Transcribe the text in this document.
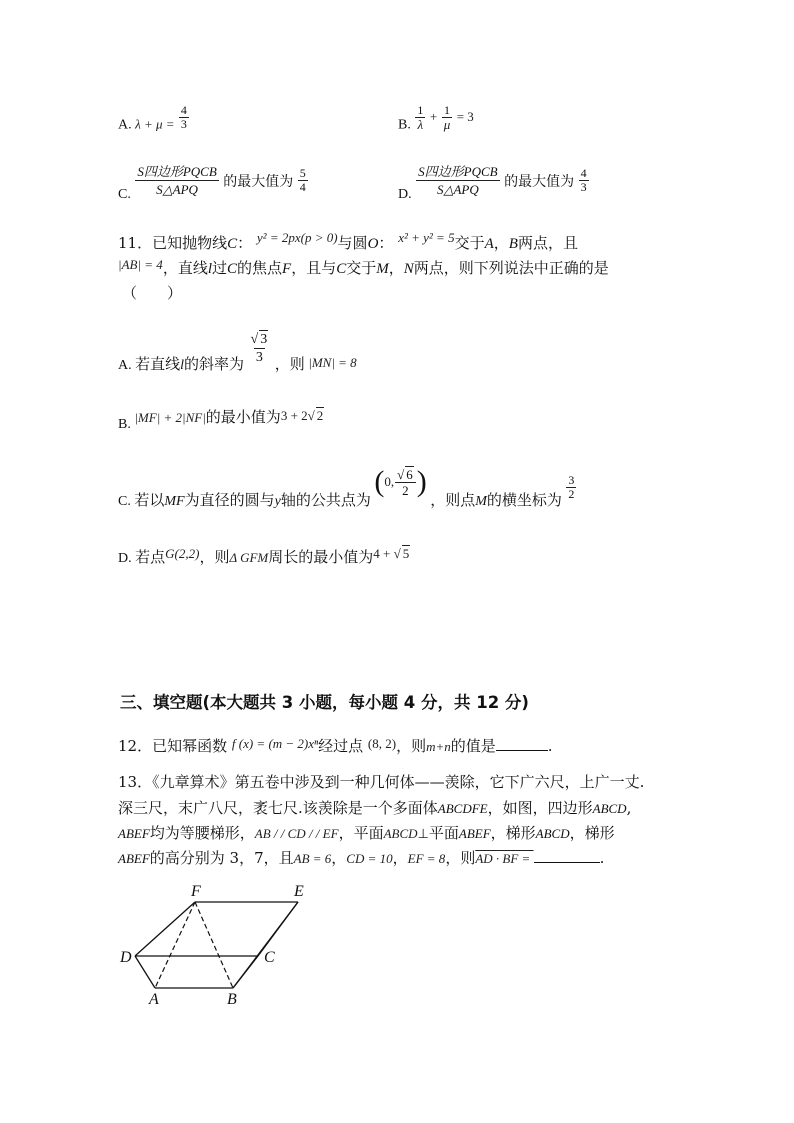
A. $\lambda + \mu = \frac{4}{3}$	B. $\frac{1}{\lambda} + \frac{1}{\mu} = 3$
C. $\frac{\text{S四边形PQCB}}{\text{S△APQ}}$ 的最大值为 $\frac{5}{4}$
D. $\frac{\text{S四边形PQCB}}{\text{S△APQ}}$ 的最大值为 $\frac{4}{3}$
11．已知抛物线C： y² = 2px(p > 0)与圆O： x² + y² = 5交于A，B两点，且
|AB| = 4，直线l过C的焦点F，且与C交于M，N两点，则下列说法中正确的是
（　　）
A. 若直线l的斜率为 $\frac{√ 3}{3}$ ，则 |MN| = 8
B. |MF| + 2|NF|的最小值为3 + 2√ 2
C. 若以MF为直径的圆与y轴的公共点为
( 0, $\frac{√ 6}{2}$ )
，则点M的横坐标为 $\frac{3}{2}$
D. 若点G(2,2)，则Δ GFM周长的最小值为4 + √ 5
三、填空题(本大题共 3 小题，每小题 4 分，共 12 分)
12．已知幂函数 f (x) = (m − 2)xⁿ经过点 (8, 2)，则m+n的值是	.
13．《九章算术》第五卷中涉及到一种几何体——羡除，它下广六尺，上广一丈.
深三尺，末广八尺，袤七尺.该羡除是一个多面体ABCDFE，如图，四边形ABCD,
ABEF均为等腰梯形，AB / / CD / / EF，平面ABCD⊥平面ABEF，梯形ABCD，梯形
ABEF的高分别为 3，7，且AB = 6，CD = 10，EF = 8，则AD · BF =	.
F	E
D	C
A	B
